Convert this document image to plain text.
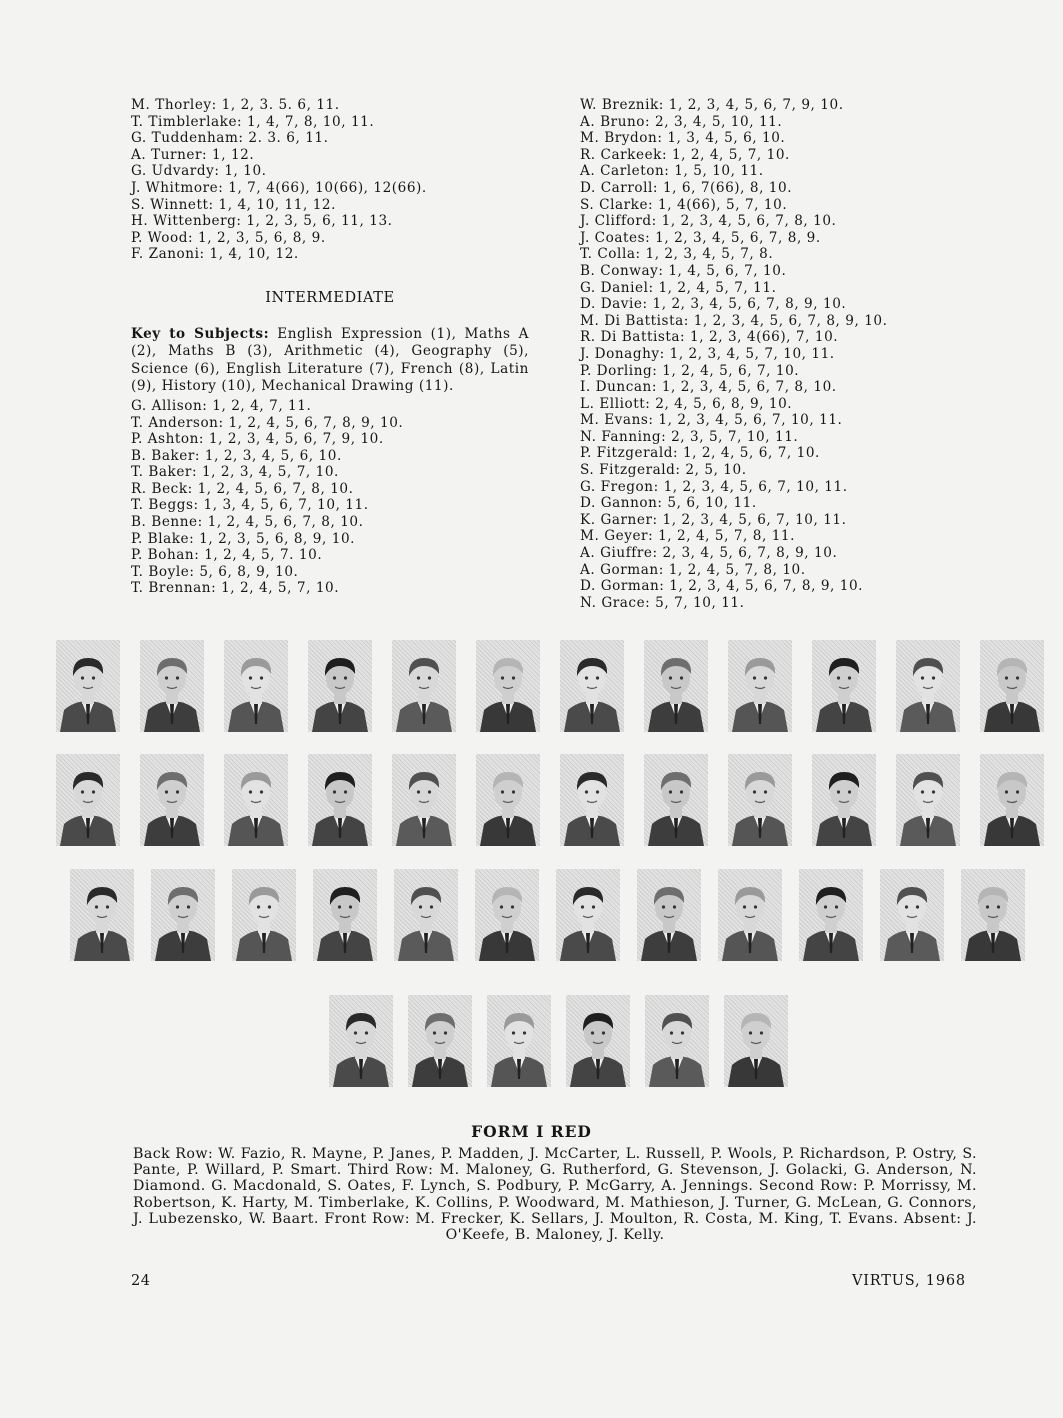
M. Thorley: 1, 2, 3. 5. 6, 11.
T. Timblerlake: 1, 4, 7, 8, 10, 11.
G. Tuddenham: 2. 3. 6, 11.
A. Turner: 1, 12.
G. Udvardy: 1, 10.
J. Whitmore: 1, 7, 4(66), 10(66), 12(66).
S. Winnett: 1, 4, 10, 11, 12.
H. Wittenberg: 1, 2, 3, 5, 6, 11, 13.
P. Wood: 1, 2, 3, 5, 6, 8, 9.
F. Zanoni: 1, 4, 10, 12.
INTERMEDIATE
Key to Subjects: English Expression (1), Maths A (2), Maths B (3), Arithmetic (4), Geography (5), Science (6), English Literature (7), French (8), Latin (9), History (10), Mechanical Drawing (11).
G. Allison: 1, 2, 4, 7, 11.
T. Anderson: 1, 2, 4, 5, 6, 7, 8, 9, 10.
P. Ashton: 1, 2, 3, 4, 5, 6, 7, 9, 10.
B. Baker: 1, 2, 3, 4, 5, 6, 10.
T. Baker: 1, 2, 3, 4, 5, 7, 10.
R. Beck: 1, 2, 4, 5, 6, 7, 8, 10.
T. Beggs: 1, 3, 4, 5, 6, 7, 10, 11.
B. Benne: 1, 2, 4, 5, 6, 7, 8, 10.
P. Blake: 1, 2, 3, 5, 6, 8, 9, 10.
P. Bohan: 1, 2, 4, 5, 7. 10.
T. Boyle: 5, 6, 8, 9, 10.
T. Brennan: 1, 2, 4, 5, 7, 10.
W. Breznik: 1, 2, 3, 4, 5, 6, 7, 9, 10.
A. Bruno: 2, 3, 4, 5, 10, 11.
M. Brydon: 1, 3, 4, 5, 6, 10.
R. Carkeek: 1, 2, 4, 5, 7, 10.
A. Carleton: 1, 5, 10, 11.
D. Carroll: 1, 6, 7(66), 8, 10.
S. Clarke: 1, 4(66), 5, 7, 10.
J. Clifford: 1, 2, 3, 4, 5, 6, 7, 8, 10.
J. Coates: 1, 2, 3, 4, 5, 6, 7, 8, 9.
T. Colla: 1, 2, 3, 4, 5, 7, 8.
B. Conway: 1, 4, 5, 6, 7, 10.
G. Daniel: 1, 2, 4, 5, 7, 11.
D. Davie: 1, 2, 3, 4, 5, 6, 7, 8, 9, 10.
M. Di Battista: 1, 2, 3, 4, 5, 6, 7, 8, 9, 10.
R. Di Battista: 1, 2, 3, 4(66), 7, 10.
J. Donaghy: 1, 2, 3, 4, 5, 7, 10, 11.
P. Dorling: 1, 2, 4, 5, 6, 7, 10.
I. Duncan: 1, 2, 3, 4, 5, 6, 7, 8, 10.
L. Elliott: 2, 4, 5, 6, 8, 9, 10.
M. Evans: 1, 2, 3, 4, 5, 6, 7, 10, 11.
N. Fanning: 2, 3, 5, 7, 10, 11.
P. Fitzgerald: 1, 2, 4, 5, 6, 7, 10.
S. Fitzgerald: 2, 5, 10.
G. Fregon: 1, 2, 3, 4, 5, 6, 7, 10, 11.
D. Gannon: 5, 6, 10, 11.
K. Garner: 1, 2, 3, 4, 5, 6, 7, 10, 11.
M. Geyer: 1, 2, 4, 5, 7, 8, 11.
A. Giuffre: 2, 3, 4, 5, 6, 7, 8, 9, 10.
A. Gorman: 1, 2, 4, 5, 7, 8, 10.
D. Gorman: 1, 2, 3, 4, 5, 6, 7, 8, 9, 10.
N. Grace: 5, 7, 10, 11.
FORM I RED
Back Row: W. Fazio, R. Mayne, P. Janes, P. Madden, J. McCarter, L. Russell, P. Wools, P. Richardson, P. Ostry, S. Pante, P. Willard, P. Smart. Third Row: M. Maloney, G. Rutherford, G. Stevenson, J. Golacki, G. Anderson, N. Diamond. G. Macdonald, S. Oates, F. Lynch, S. Podbury, P. McGarry, A. Jennings. Second Row: P. Morrissy, M. Robertson, K. Harty, M. Timberlake, K. Collins, P. Woodward, M. Mathieson, J. Turner, G. McLean, G. Connors, J. Lubezensko, W. Baart. Front Row: M. Frecker, K. Sellars, J. Moulton, R. Costa, M. King, T. Evans. Absent: J. O'Keefe, B. Maloney, J. Kelly.
24	VIRTUS, 1968
